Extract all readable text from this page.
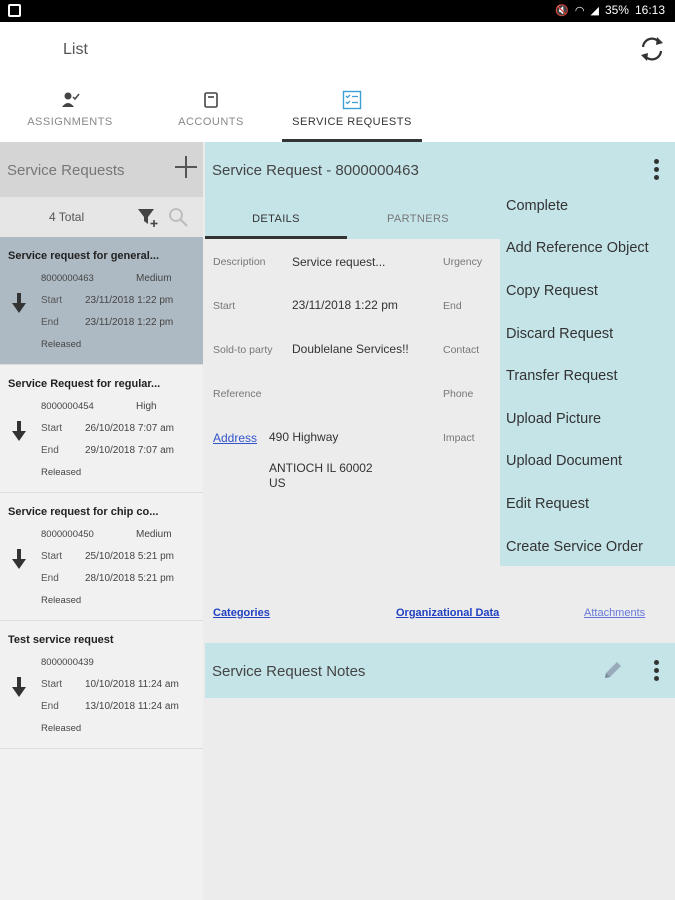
🔇 ◠ ◢ 35% 16:13
List
ASSIGNMENTS	ACCOUNTS	SERVICE REQUESTS
Service Requests
4 Total
Service request for general...
8000000463	Medium
Start 23/11/2018 1:22 pm
End	23/11/2018 1:22 pm
Released
Service Request for regular...
8000000454	High
Start 26/10/2018 7:07 am
End	29/10/2018 7:07 am
Released
Service request for chip co...
8000000450	Medium
Start 25/10/2018 5:21 pm
End	28/10/2018 5:21 pm
Released
Test service request
8000000439
Start 10/10/2018 11:24 am
End	13/10/2018 11:24 am
Released
Service Request - 8000000463
DETAILS	PARTNERS
Description Service request...	Urgency
Start	23/11/2018 1:22 pm	End
Sold-to party Doublelane Services!!	Contact
Reference	Phone
Address 490 Highway	Impact
ANTIOCH IL 60002
US
Complete
Add Reference Object
Copy Request
Discard Request
Transfer Request
Upload Picture
Upload Document
Edit Request
Create Service Order
Categories	Organizational Data	Attachments
Service Request Notes
